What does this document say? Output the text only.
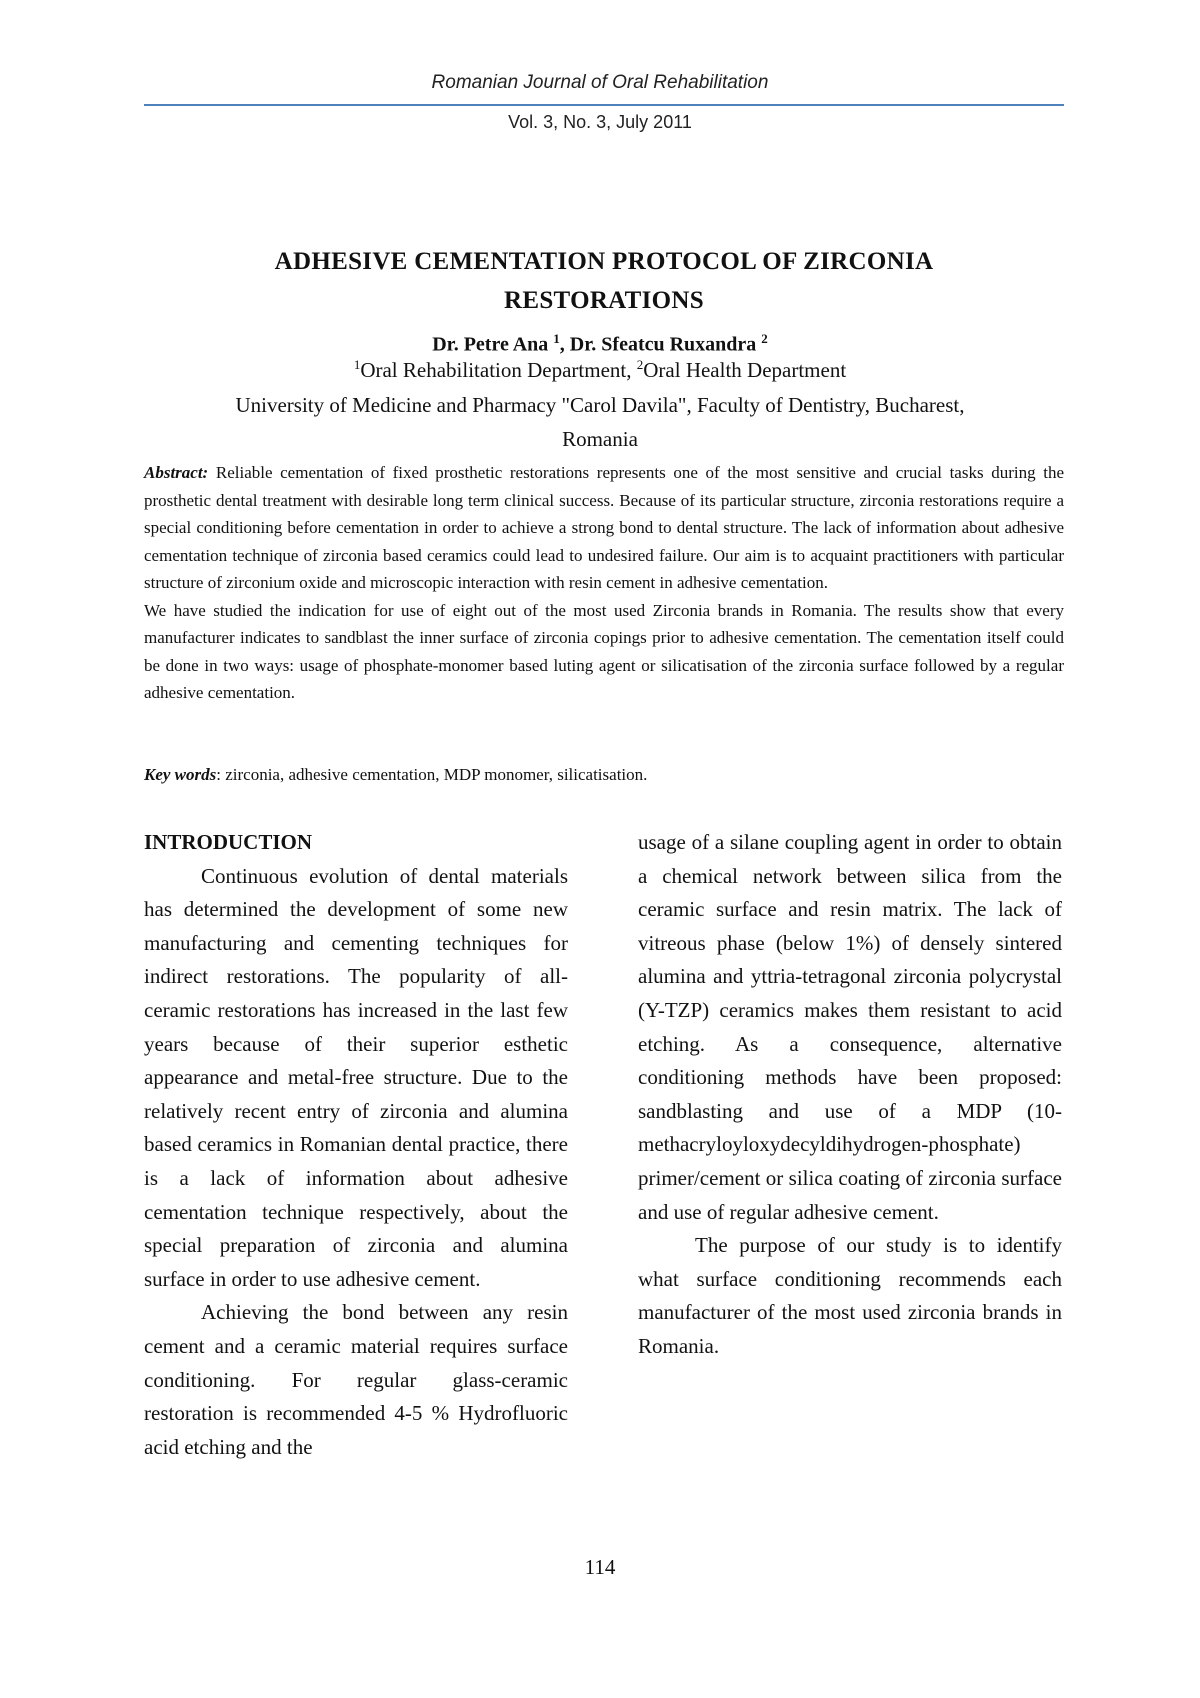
Romanian Journal of Oral Rehabilitation
Vol. 3, No. 3, July 2011
ADHESIVE CEMENTATION PROTOCOL OF ZIRCONIA
RESTORATIONS
Dr. Petre Ana $^1$, Dr. Sfeatcu Ruxandra $^2$
$^1$Oral Rehabilitation Department, $^2$Oral Health Department
University of Medicine and Pharmacy "Carol Davila", Faculty of Dentistry, Bucharest,
Romania

Abstract: Reliable cementation of fixed prosthetic restorations represents one of the most sensitive and crucial tasks during the prosthetic dental treatment with desirable long term clinical success. Because of its particular structure, zirconia restorations require a special conditioning before cementation in order to achieve a strong bond to dental structure. The lack of information about adhesive cementation technique of zirconia based ceramics could lead to undesired failure. Our aim is to acquaint practitioners with particular structure of zirconium oxide and microscopic interaction with resin cement in adhesive cementation.

We have studied the indication for use of eight out of the most used Zirconia brands in Romania. The results show that every manufacturer indicates to sandblast the inner surface of zirconia copings prior to adhesive cementation. The cementation itself could be done in two ways: usage of phosphate-monomer based luting agent or silicatisation of the zirconia surface followed by a regular adhesive cementation.

Key words: zirconia, adhesive cementation, MDP monomer, silicatisation.

INTRODUCTION

Continuous evolution of dental materials has determined the development of some new manufacturing and cementing techniques for indirect restorations. The popularity of all-ceramic restorations has increased in the last few years because of their superior esthetic appearance and metal-free structure. Due to the relatively recent entry of zirconia and alumina based ceramics in Romanian dental practice, there is a lack of information about adhesive cementation technique respectively, about the special preparation of zirconia and alumina surface in order to use adhesive cement.

Achieving the bond between any resin cement and a ceramic material requires surface conditioning. For regular glass-ceramic restoration is recommended 4-5 % Hydrofluoric acid etching and the

usage of a silane coupling agent in order to obtain a chemical network between silica from the ceramic surface and resin matrix. The lack of vitreous phase (below 1%) of densely sintered alumina and yttria-tetragonal zirconia polycrystal (Y-TZP) ceramics makes them resistant to acid etching. As a consequence, alternative conditioning methods have been proposed: sandblasting and use of a MDP (10-methacryloyloxydecyldihydrogen-phosphate) primer/cement or silica coating of zirconia surface and use of regular adhesive cement.

The purpose of our study is to identify what surface conditioning recommends each manufacturer of the most used zirconia brands in Romania.

114
